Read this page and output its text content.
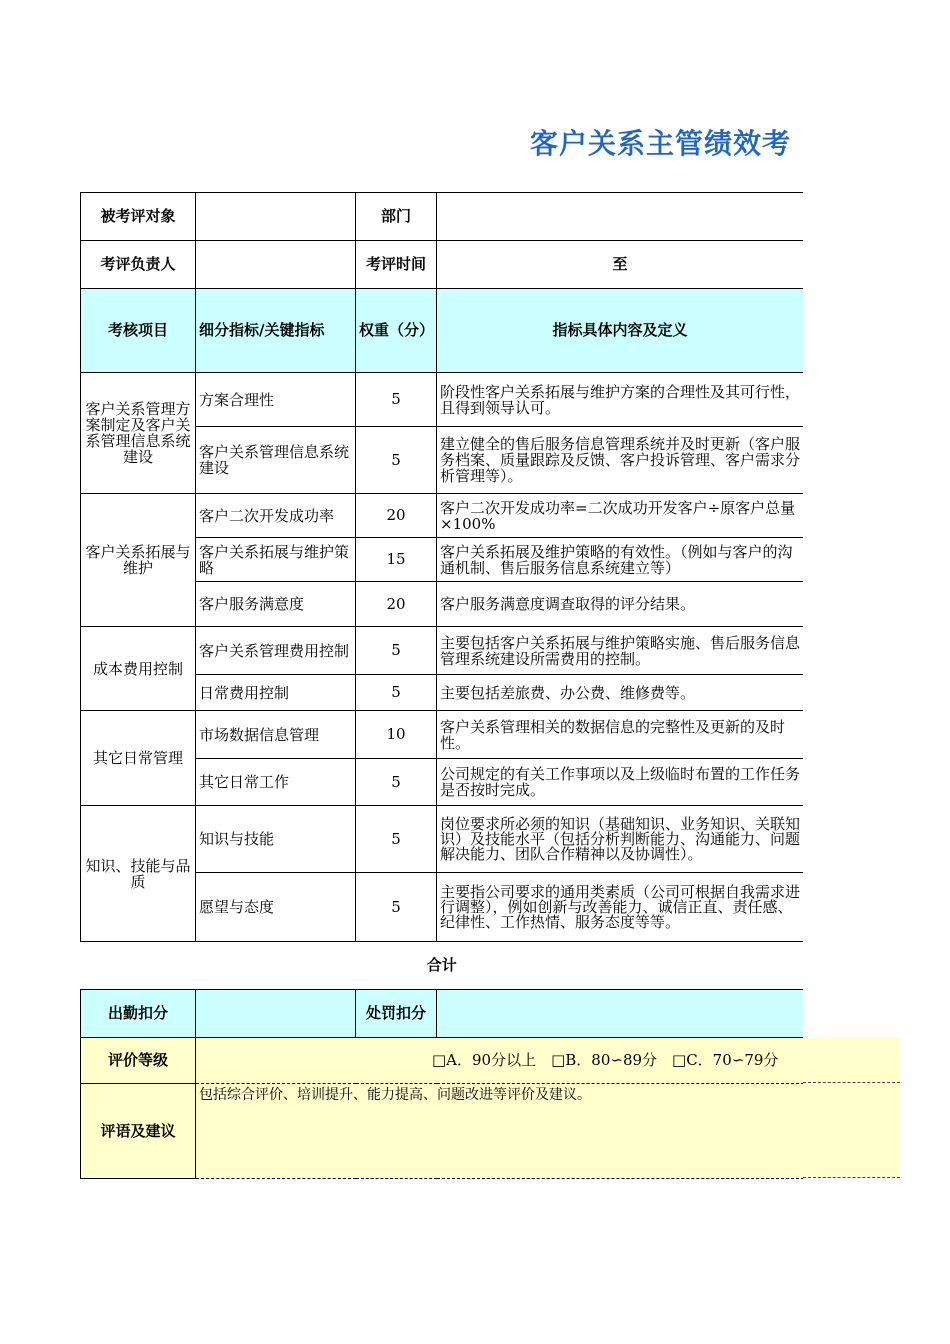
客户关系主管绩效考
被考评对象		部门	
考评负责人		考评时间	至
考核项目	细分指标/关键指标	权重（分）	指标具体内容及定义
客户关系管理方案制定及客户关系管理信息系统建设	方案合理性	5	阶段性客户关系拓展与维护方案的合理性及其可行性，且得到领导认可。
	客户关系管理信息系统建设	5	建立健全的售后服务信息管理系统并及时更新（客户服务档案、质量跟踪及反馈、客户投诉管理、客户需求分析管理等）。
客户关系拓展与维护	客户二次开发成功率	20	客户二次开发成功率=二次成功开发客户÷原客户总量×100%
	客户关系拓展与维护策略	15	客户关系拓展及维护策略的有效性。（例如与客户的沟通机制、售后服务信息系统建立等）
	客户服务满意度	20	客户服务满意度调查取得的评分结果。
成本费用控制	客户关系管理费用控制	5	主要包括客户关系拓展与维护策略实施、售后服务信息管理系统建设所需费用的控制。
	日常费用控制	5	主要包括差旅费、办公费、维修费等。
其它日常管理	市场数据信息管理	10	客户关系管理相关的数据信息的完整性及更新的及时性。
	其它日常工作	5	公司规定的有关工作事项以及上级临时布置的工作任务是否按时完成。
知识、技能与品质	知识与技能	5	岗位要求所必须的知识（基础知识、业务知识、关联知识）及技能水平（包括分析判断能力、沟通能力、问题解决能力、团队合作精神以及协调性）。
	愿望与态度	5	主要指公司要求的通用类素质（公司可根据自我需求进行调整），例如创新与改善能力、诚信正直、责任感、纪律性、工作热情、服务态度等等。
合计			
出勤扣分		处罚扣分	
评价等级	□A．90分以上　□B．80∽89分　□C．70∽79分		
评语及建议	包括综合评价、培训提升、能力提高、问题改进等评价及建议。		
